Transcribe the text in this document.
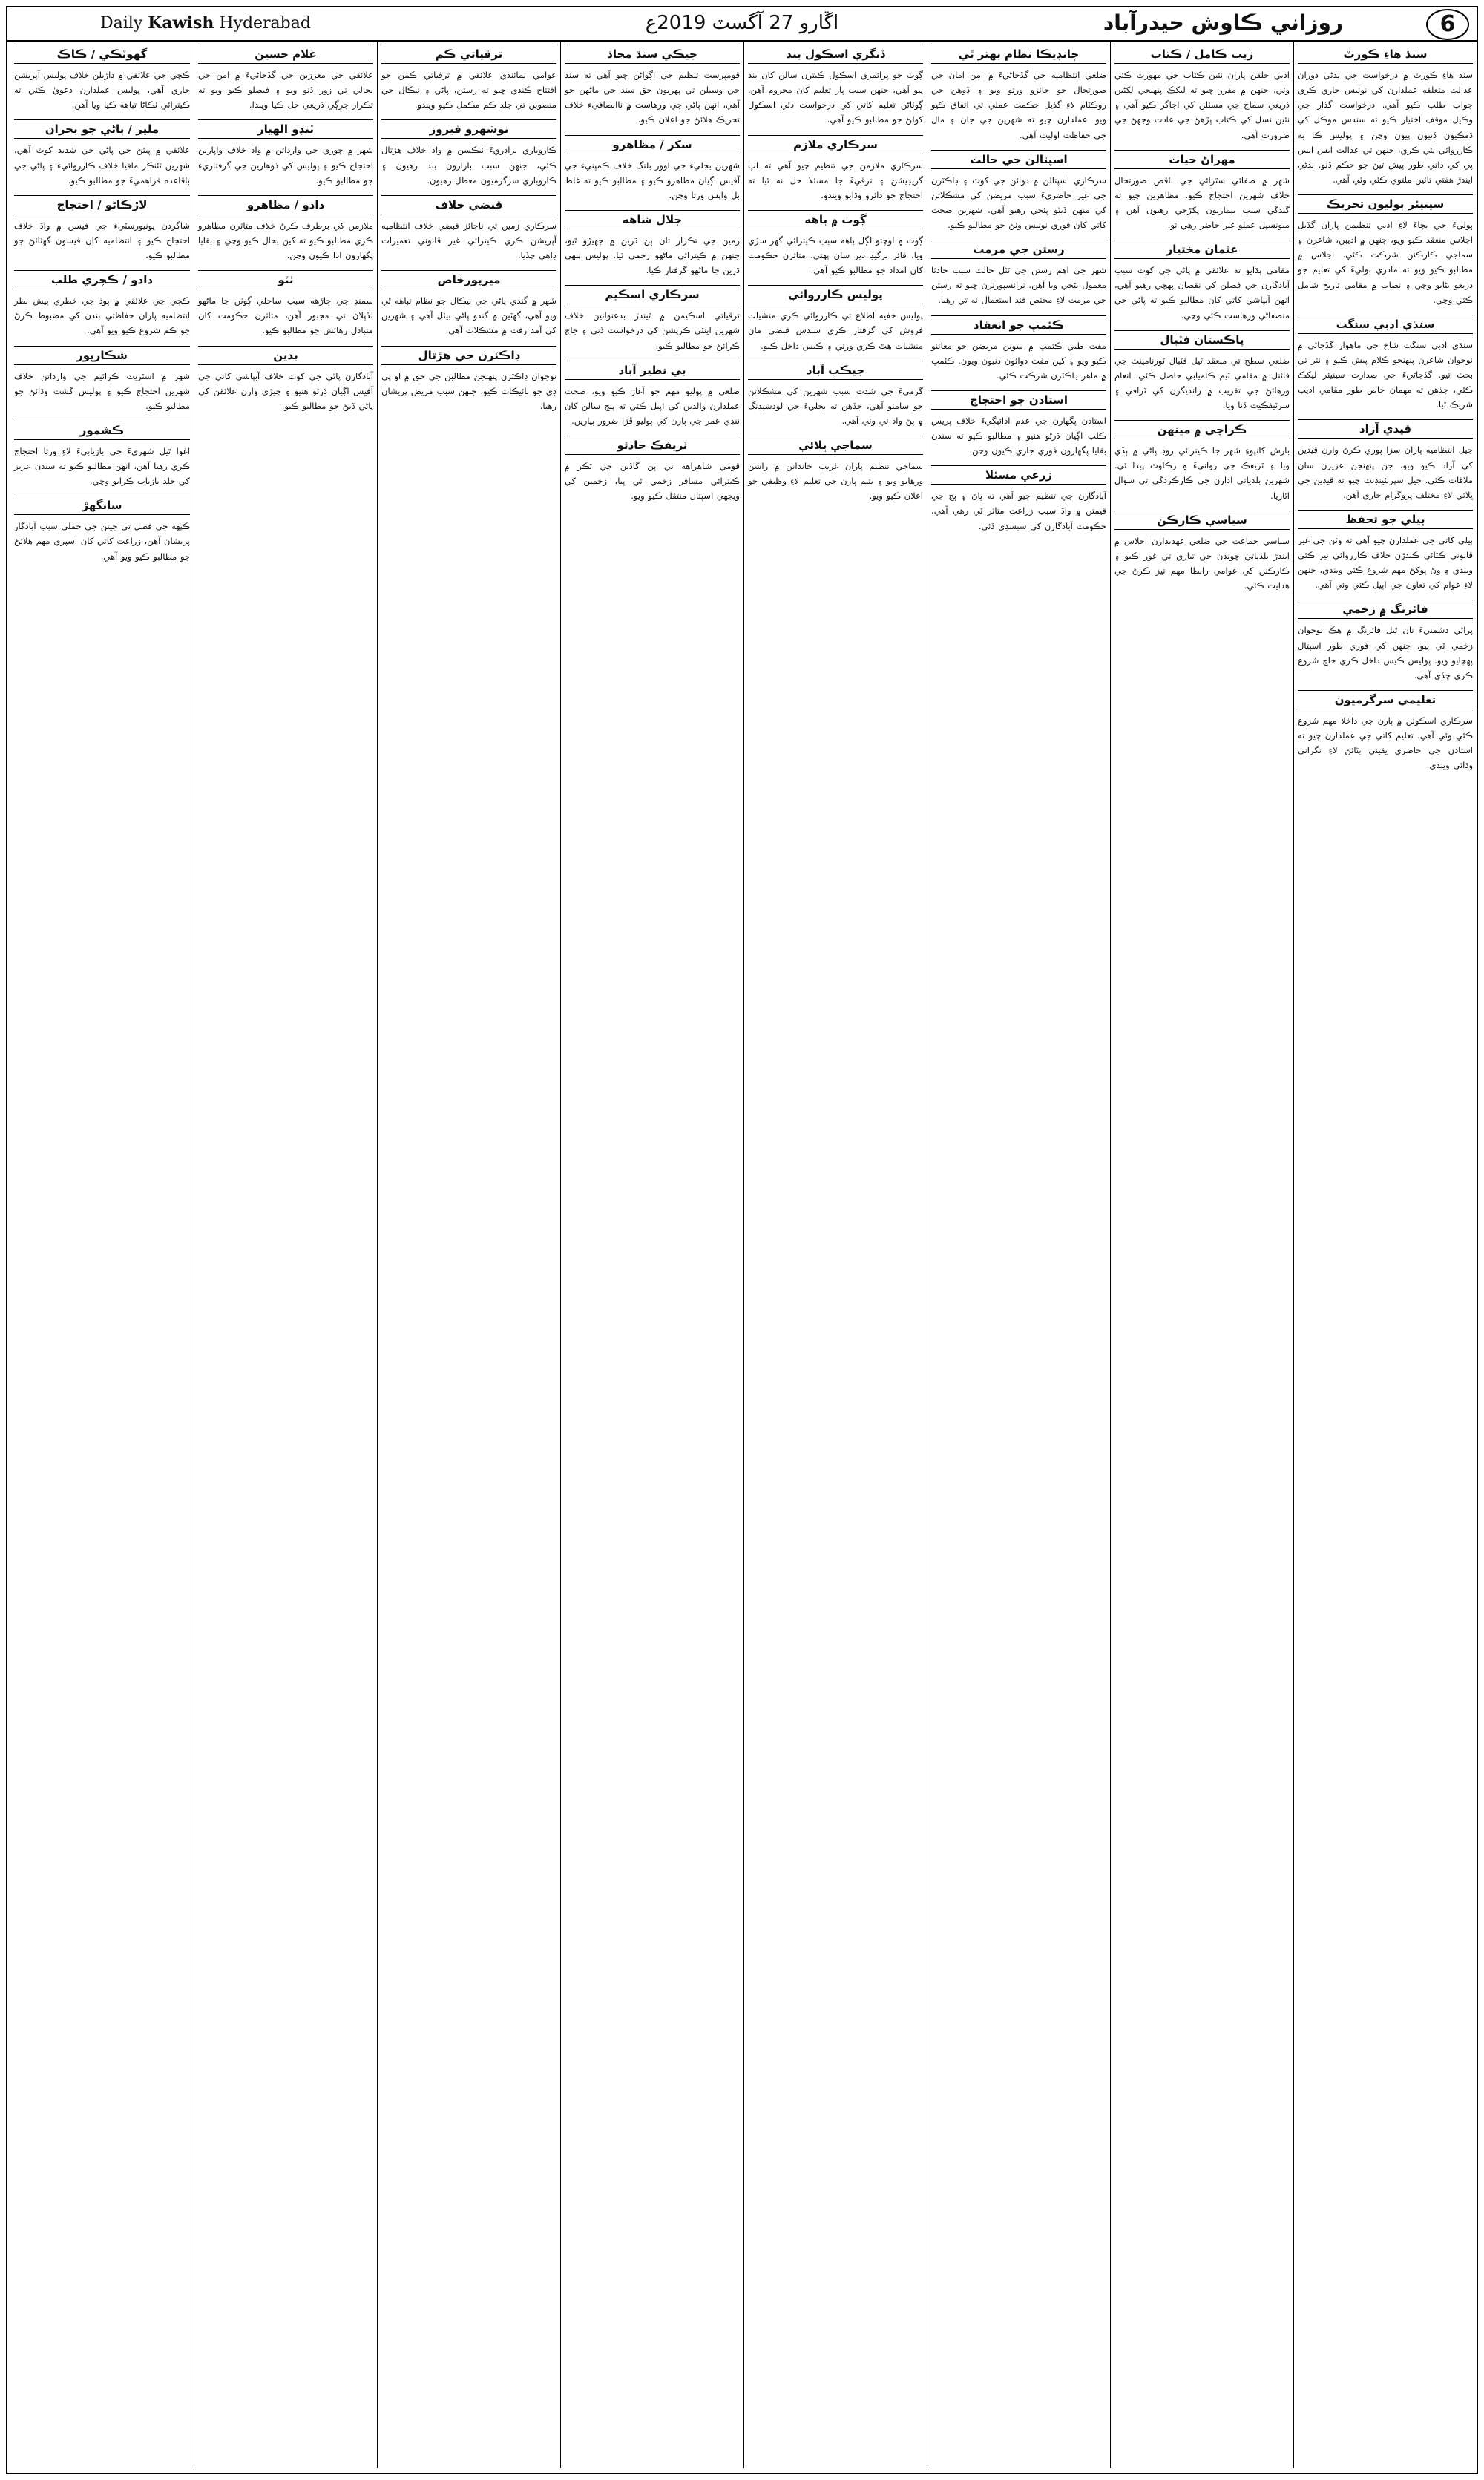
Daily Kawish Hyderabad	اڱارو 27 آگسٽ 2019ع	روزاني ڪاوش حيدرآباد	6
سنڌ هاءِ ڪورٽ
سنڌ هاءِ ڪورٽ ۾ درخواست جي ٻڌڻي دوران عدالت متعلقه عملدارن کي نوٽيس جاري ڪري جواب طلب ڪيو آهي. درخواست گذار جي وڪيل موقف اختيار ڪيو ته سندس موڪل کي ڌمڪيون ڏنيون پيون وڃن ۽ پوليس ڪا به ڪارروائي نٿي ڪري، جنهن تي عدالت ايس ايس پي کي ذاتي طور پيش ٿيڻ جو حڪم ڏنو. ٻڌڻي ايندڙ هفتي تائين ملتوي ڪئي وئي آهي.
سينيئر ٻوليون تحريڪ
ٻوليءَ جي بچاءَ لاءِ ادبي تنظيمن پاران گڏيل اجلاس منعقد ڪيو ويو، جنهن ۾ اديبن، شاعرن ۽ سماجي ڪارڪنن شرڪت ڪئي. اجلاس ۾ مطالبو ڪيو ويو ته مادري ٻوليءَ کي تعليم جو ذريعو بڻايو وڃي ۽ نصاب ۾ مقامي تاريخ شامل ڪئي وڃي.
سنڌي ادبي سنگت
سنڌي ادبي سنگت شاخ جي ماهوار گڏجاڻي ۾ نوجوان شاعرن پنهنجو ڪلام پيش ڪيو ۽ نثر تي بحث ٿيو. گڏجاڻيءَ جي صدارت سينيئر ليکڪ ڪئي، جڏهن ته مهمان خاص طور مقامي اديب شريڪ ٿيا.
قيدي آزاد
جيل انتظاميه پاران سزا پوري ڪرڻ وارن قيدين کي آزاد ڪيو ويو، جن پنهنجن عزيزن سان ملاقات ڪئي. جيل سپرنٽينڊنٽ چيو ته قيدين جي ڀلائي لاءِ مختلف پروگرام جاري آهن.
ٻيلي جو تحفظ
ٻيلي کاتي جي عملدارن چيو آهي ته وڻن جي غير قانوني ڪٽائي ڪندڙن خلاف ڪارروائي تيز ڪئي ويندي ۽ وڻ پوکڻ مهم شروع ڪئي ويندي، جنهن لاءِ عوام کي تعاون جي اپيل ڪئي وئي آهي.
فائرنگ ۾ زخمي
پراڻي دشمنيءَ تان ٿيل فائرنگ ۾ هڪ نوجوان زخمي ٿي پيو، جنهن کي فوري طور اسپتال پهچايو ويو. پوليس ڪيس داخل ڪري جاچ شروع ڪري ڇڏي آهي.
تعليمي سرگرميون
سرڪاري اسڪولن ۾ ٻارن جي داخلا مهم شروع ڪئي وئي آهي. تعليم کاتي جي عملدارن چيو ته استادن جي حاضري يقيني بڻائڻ لاءِ نگراني وڌائي ويندي.
زيب ڪامل / ڪتاب
ادبي حلقن پاران نئين ڪتاب جي مهورت ڪئي وئي، جنهن ۾ مقرر چيو ته ليکڪ پنهنجي لکڻين ذريعي سماج جي مسئلن کي اجاگر ڪيو آهي ۽ نئين نسل کي ڪتاب پڙهڻ جي عادت وجهڻ جي ضرورت آهي.
مهراڻ حيات
شهر ۾ صفائي سٿرائي جي ناقص صورتحال خلاف شهرين احتجاج ڪيو. مظاهرين چيو ته گندگي سبب بيماريون پکڙجي رهيون آهن ۽ ميونسپل عملو غير حاضر رهي ٿو.
عثمان مختيار
مقامي ٻڌايو ته علائقي ۾ پاڻي جي کوٽ سبب آبادگارن جي فصلن کي نقصان پهچي رهيو آهي، انهن آبپاشي کاتي کان مطالبو ڪيو ته پاڻي جي منصفاڻي ورهاست ڪئي وڃي.
پاڪستان فٽبال
ضلعي سطح تي منعقد ٿيل فٽبال ٽورنامينٽ جي فائنل ۾ مقامي ٽيم ڪاميابي حاصل ڪئي. انعام ورهائڻ جي تقريب ۾ رانديگرن کي ٽرافي ۽ سرٽيفڪيٽ ڏنا ويا.
ڪراچي ۾ مينهن
بارش کانپوءِ شهر جا ڪيترائي روڊ پاڻي ۾ ٻڏي ويا ۽ ٽريفڪ جي روانيءَ ۾ رڪاوٽ پيدا ٿي. شهرين بلدياتي ادارن جي ڪارڪردگي تي سوال اٿاريا.
سياسي ڪارڪن
سياسي جماعت جي ضلعي عهديدارن اجلاس ۾ ايندڙ بلدياتي چونڊن جي تياري تي غور ڪيو ۽ ڪارڪنن کي عوامي رابطا مهم تيز ڪرڻ جي هدايت ڪئي.
چانڊيڪا نظام بهتر ٿي
ضلعي انتظاميه جي گڏجاڻيءَ ۾ امن امان جي صورتحال جو جائزو ورتو ويو ۽ ڏوهن جي روڪٿام لاءِ گڏيل حڪمت عملي تي اتفاق ڪيو ويو. عملدارن چيو ته شهرين جي جان ۽ مال جي حفاظت اوليت آهي.
اسپتالن جي حالت
سرڪاري اسپتالن ۾ دوائن جي کوٽ ۽ ڊاڪٽرن جي غير حاضريءَ سبب مريضن کي مشڪلاتن کي منهن ڏيڻو پئجي رهيو آهي. شهرين صحت کاتي کان فوري نوٽيس وٺڻ جو مطالبو ڪيو.
رستن جي مرمت
شهر جي اهم رستن جي ٽٽل حالت سبب حادثا معمول بڻجي ويا آهن. ٽرانسپورٽرن چيو ته رستن جي مرمت لاءِ مختص فنڊ استعمال نه ٿي رهيا.
ڪئمپ جو انعقاد
مفت طبي ڪئمپ ۾ سوين مريضن جو معائنو ڪيو ويو ۽ کين مفت دوائون ڏنيون ويون. ڪئمپ ۾ ماهر ڊاڪٽرن شرڪت ڪئي.
استادن جو احتجاج
استادن پگهارن جي عدم ادائيگيءَ خلاف پريس ڪلب اڳيان ڌرڻو هنيو ۽ مطالبو ڪيو ته سندن بقايا پگهارون فوري جاري ڪيون وڃن.
زرعي مسئلا
آبادگارن جي تنظيم چيو آهي ته ڀاڻ ۽ ٻج جي قيمتن ۾ واڌ سبب زراعت متاثر ٿي رهي آهي، حڪومت آبادگارن کي سبسڊي ڏئي.
ڏنگري اسڪول بند
ڳوٺ جو پرائمري اسڪول ڪيترن سالن کان بند پيو آهي، جنهن سبب ٻار تعليم کان محروم آهن. ڳوٺاڻن تعليم کاتي کي درخواست ڏئي اسڪول کولڻ جو مطالبو ڪيو آهي.
سرڪاري ملازم
سرڪاري ملازمن جي تنظيم چيو آهي ته اپ گريڊيشن ۽ ترقيءَ جا مسئلا حل نه ٿيا ته احتجاج جو دائرو وڌايو ويندو.
ڳوٺ ۾ باهه
ڳوٺ ۾ اوچتو لڳل باهه سبب ڪيترائي گهر سڙي ويا، فائر برگيڊ دير سان پهتي. متاثرن حڪومت کان امداد جو مطالبو ڪيو آهي.
پوليس ڪارروائي
پوليس خفيه اطلاع تي ڪارروائي ڪري منشيات فروش کي گرفتار ڪري سندس قبضي مان منشيات هٿ ڪري ورتي ۽ ڪيس داخل ڪيو.
جيڪب آباد
گرميءَ جي شدت سبب شهرين کي مشڪلاتن جو سامنو آهي، جڏهن ته بجليءَ جي لوڊشيڊنگ ۾ پڻ واڌ ٿي وئي آهي.
سماجي ڀلائي
سماجي تنظيم پاران غريب خاندانن ۾ راشن ورهايو ويو ۽ يتيم ٻارن جي تعليم لاءِ وظيفي جو اعلان ڪيو ويو.
جيڪي سنڌ محاذ
قومپرست تنظيم جي اڳواڻن چيو آهي ته سنڌ جي وسيلن تي پهريون حق سنڌ جي ماڻهن جو آهي، انهن پاڻي جي ورهاست ۾ ناانصافيءَ خلاف تحريڪ هلائڻ جو اعلان ڪيو.
سکر / مظاهرو
شهرين بجليءَ جي اوور بلنگ خلاف ڪمپنيءَ جي آفيس اڳيان مظاهرو ڪيو ۽ مطالبو ڪيو ته غلط بل واپس ورتا وڃن.
جلال شاهه
زمين جي تڪرار تان ٻن ڌرين ۾ جهيڙو ٿيو، جنهن ۾ ڪيترائي ماڻهو زخمي ٿيا. پوليس ٻنهي ڌرين جا ماڻهو گرفتار ڪيا.
سرڪاري اسڪيم
ترقياتي اسڪيمن ۾ ٿيندڙ بدعنوانين خلاف شهرين اينٽي ڪرپشن کي درخواست ڏني ۽ جاچ ڪرائڻ جو مطالبو ڪيو.
بي نظير آباد
ضلعي ۾ پوليو مهم جو آغاز ڪيو ويو، صحت عملدارن والدين کي اپيل ڪئي ته پنج سالن کان ننڍي عمر جي ٻارن کي پوليو ڦڙا ضرور پيارين.
ٽريفڪ حادثو
قومي شاهراهه تي ٻن گاڏين جي ٽڪر ۾ ڪيترائي مسافر زخمي ٿي پيا، زخمين کي ويجهي اسپتال منتقل ڪيو ويو.
ترقياتي ڪم
عوامي نمائندي علائقي ۾ ترقياتي ڪمن جو افتتاح ڪندي چيو ته رستن، پاڻي ۽ نيڪال جي منصوبن تي جلد ڪم مڪمل ڪيو ويندو.
نوشهرو فيروز
ڪاروباري برادريءَ ٽيڪسن ۾ واڌ خلاف هڙتال ڪئي، جنهن سبب بازارون بند رهيون ۽ ڪاروباري سرگرميون معطل رهيون.
قبضي خلاف
سرڪاري زمين تي ناجائز قبضي خلاف انتظاميه آپريشن ڪري ڪيترائي غير قانوني تعميرات ڊاهي ڇڏيا.
ميرپورخاص
شهر ۾ گندي پاڻي جي نيڪال جو نظام تباهه ٿي ويو آهي، گهٽين ۾ گندو پاڻي بيٺل آهي ۽ شهرين کي آمد رفت ۾ مشڪلات آهي.
ڊاڪٽرن جي هڙتال
نوجوان ڊاڪٽرن پنهنجن مطالبن جي حق ۾ او پي ڊي جو بائيڪاٽ ڪيو، جنهن سبب مريض پريشان رهيا.
غلام حسين
علائقي جي معززين جي گڏجاڻيءَ ۾ امن جي بحالي تي زور ڏنو ويو ۽ فيصلو ڪيو ويو ته تڪرار جرڳي ذريعي حل ڪيا ويندا.
ٽنڊو الهيار
شهر ۾ چوري جي وارداتن ۾ واڌ خلاف واپارين احتجاج ڪيو ۽ پوليس کي ڏوهارين جي گرفتاريءَ جو مطالبو ڪيو.
دادو / مظاهرو
ملازمن کي برطرف ڪرڻ خلاف متاثرن مظاهرو ڪري مطالبو ڪيو ته کين بحال ڪيو وڃي ۽ بقايا پگهارون ادا ڪيون وڃن.
ٺٽو
سمنڊ جي چاڙهه سبب ساحلي ڳوٺن جا ماڻهو لڏپلاڻ تي مجبور آهن، متاثرن حڪومت کان متبادل رهائش جو مطالبو ڪيو.
بدين
آبادگارن پاڻي جي کوٽ خلاف آبپاشي کاتي جي آفيس اڳيان ڌرڻو هنيو ۽ ڇيڙي وارن علائقن کي پاڻي ڏيڻ جو مطالبو ڪيو.
گهوٽڪي / ڪاڪ
ڪچي جي علائقي ۾ ڌاڙيلن خلاف پوليس آپريشن جاري آهي، پوليس عملدارن دعويٰ ڪئي ته ڪيترائي ٺڪاڻا تباهه ڪيا ويا آهن.
ملير / پاڻي جو بحران
علائقي ۾ پيئڻ جي پاڻي جي شديد کوٽ آهي، شهرين ٽئنڪر مافيا خلاف ڪارروائيءَ ۽ پاڻي جي باقاعده فراهميءَ جو مطالبو ڪيو.
لاڙڪاڻو / احتجاج
شاگردن يونيورسٽيءَ جي فيسن ۾ واڌ خلاف احتجاج ڪيو ۽ انتظاميه کان فيسون گهٽائڻ جو مطالبو ڪيو.
دادو / ڪچري طلب
ڪچي جي علائقي ۾ ٻوڏ جي خطري پيش نظر انتظاميه پاران حفاظتي بندن کي مضبوط ڪرڻ جو ڪم شروع ڪيو ويو آهي.
شڪارپور
شهر ۾ اسٽريٽ ڪرائيم جي وارداتن خلاف شهرين احتجاج ڪيو ۽ پوليس گشت وڌائڻ جو مطالبو ڪيو.
ڪشمور
اغوا ٿيل شهريءَ جي بازيابيءَ لاءِ ورثا احتجاج ڪري رهيا آهن، انهن مطالبو ڪيو ته سندن عزيز کي جلد بازياب ڪرايو وڃي.
سانگهڙ
ڪپهه جي فصل تي جيتن جي حملي سبب آبادگار پريشان آهن، زراعت کاتي کان اسپري مهم هلائڻ جو مطالبو ڪيو ويو آهي.
